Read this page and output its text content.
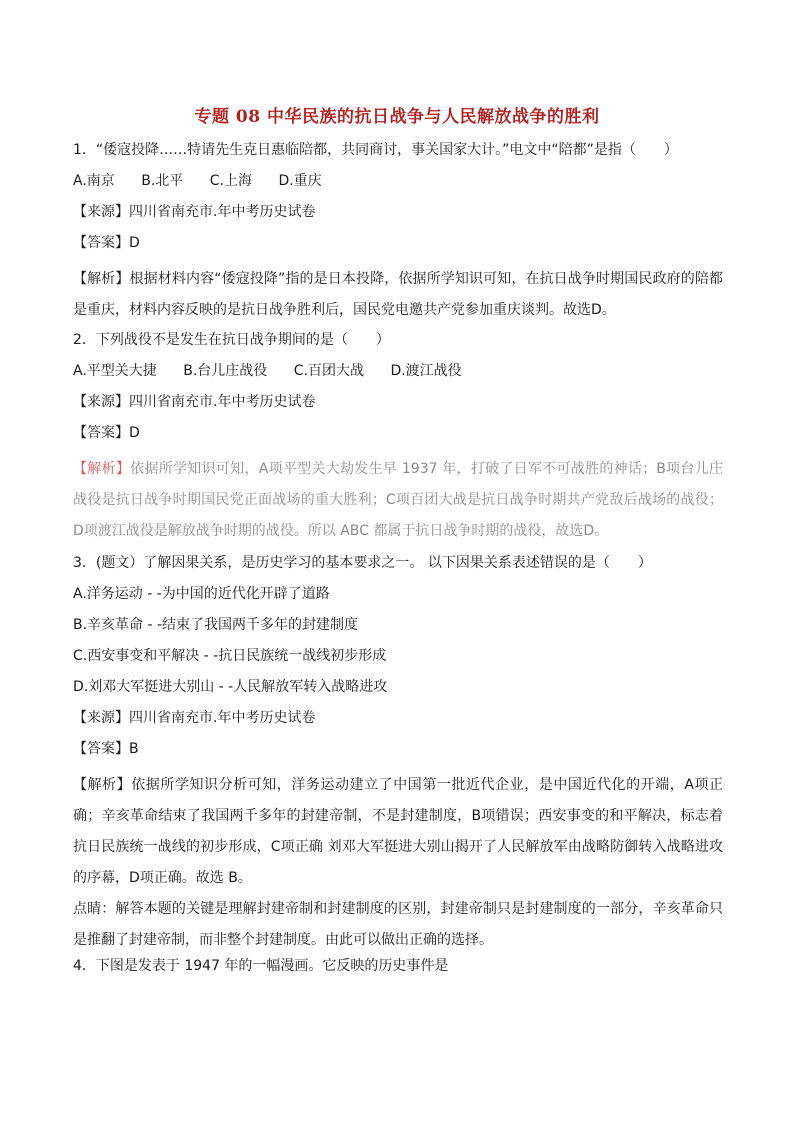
专题 08 中华民族的抗日战争与人民解放战争的胜利
1．“倭寇投降……特请先生克日惠临陪都，共同商讨，事关国家大计。”电文中“陪都”是指（　　）
A.南京 B.北平 C.上海 D.重庆
【来源】四川省南充市.年中考历史试卷
【答案】D
【解析】根据材料内容“倭寇投降”指的是日本投降，依据所学知识可知，在抗日战争时期国民政府的陪都是重庆，材料内容反映的是抗日战争胜利后，国民党电邀共产党参加重庆谈判。故选D。
2．下列战役不是发生在抗日战争期间的是（　　）
A.平型关大捷 B.台儿庄战役 C.百团大战 D.渡江战役
【来源】四川省南充市.年中考历史试卷
【答案】D
【解析】依据所学知识可知，A项平型关大劫发生早 1937 年，打破了日军不可战胜的神话；B项台儿庄战役是抗日战争时期国民党正面战场的重大胜利；C项百团大战是抗日战争时期共产党敌后战场的战役；D项渡江战役是解放战争时期的战役。所以 ABC 都属于抗日战争时期的战役，故选D。
3．(题文）了解因果关系，是历史学习的基本要求之一。 以下因果关系表述错误的是（　　）
A.洋务运动 - -为中国的近代化开辟了道路
B.辛亥革命 - -结束了我国两千多年的封建制度
C.西安事变和平解决 - -抗日民族统一战线初步形成
D.刘邓大军挺进大别山 - -人民解放军转入战略进攻
【来源】四川省南充市.年中考历史试卷
【答案】B
【解析】依据所学知识分析可知，洋务运动建立了中国第一批近代企业，是中国近代化的开端，A项正确；辛亥革命结束了我国两千多年的封建帝制，不是封建制度，B项错误；西安事变的和平解决，标志着抗日民族统一战线的初步形成，C项正确 刘邓大军挺进大别山揭开了人民解放军由战略防御转入战略进攻的序幕，D项正确。故选 B。
点睛：解答本题的关键是理解封建帝制和封建制度的区别，封建帝制只是封建制度的一部分，辛亥革命只是推翻了封建帝制，而非整个封建制度。由此可以做出正确的选择。
4．下图是发表于 1947 年的一幅漫画。它反映的历史事件是
